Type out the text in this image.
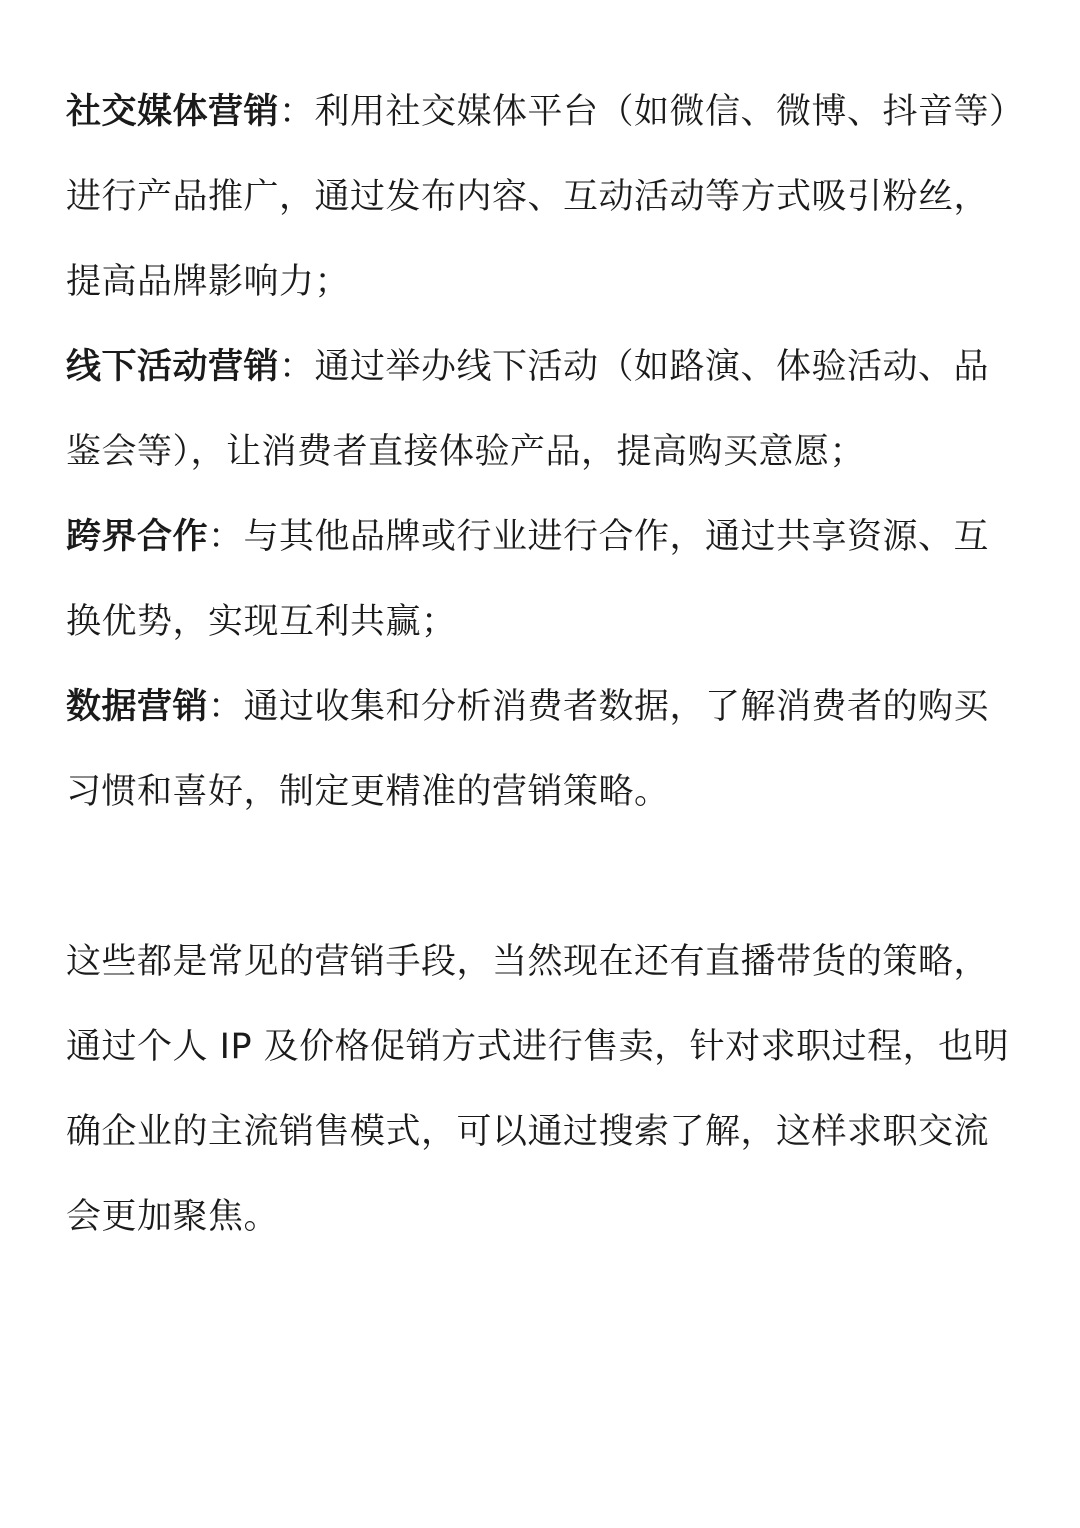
社交媒体营销：利用社交媒体平台（如微信、微博、抖音等）进行产品推广，通过发布内容、互动活动等方式吸引粉丝，提高品牌影响力；

线下活动营销：通过举办线下活动（如路演、体验活动、品鉴会等），让消费者直接体验产品，提高购买意愿；

跨界合作：与其他品牌或行业进行合作，通过共享资源、互换优势，实现互利共赢；

数据营销：通过收集和分析消费者数据，了解消费者的购买习惯和喜好，制定更精准的营销策略。

这些都是常见的营销手段，当然现在还有直播带货的策略，通过个人 IP 及价格促销方式进行售卖，针对求职过程，也明确企业的主流销售模式，可以通过搜索了解，这样求职交流会更加聚焦。
